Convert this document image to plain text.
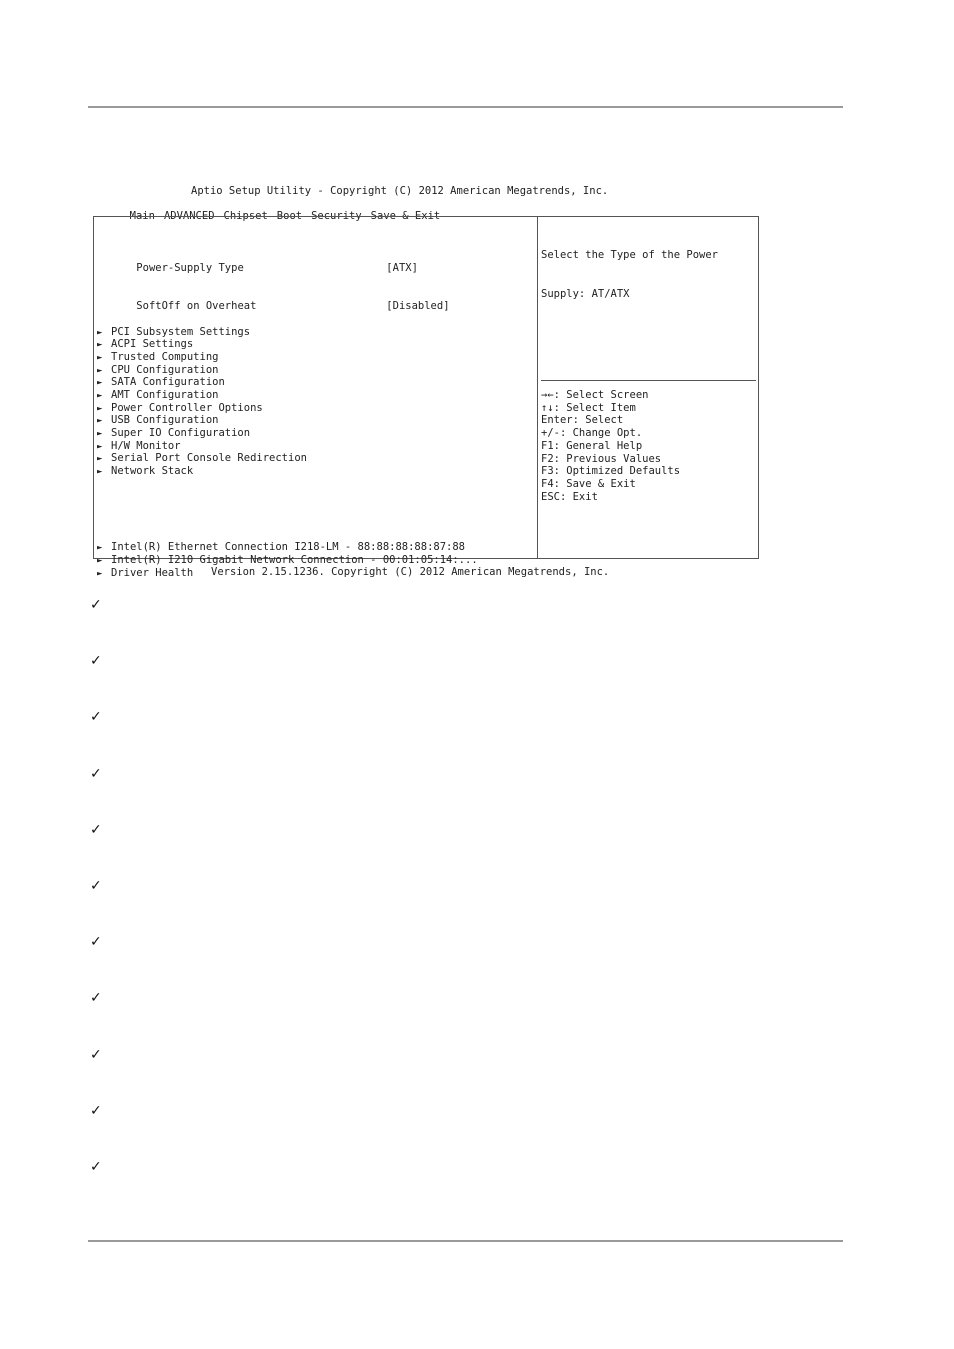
Aptio Setup Utility - Copyright (C) 2012 American Megatrends, Inc.

Main ADVANCED Chipset Boot Security Save & Exit

Power-Supply Type	[ATX]

SoftOff on Overheat	[Disabled]

► PCI Subsystem Settings
► ACPI Settings
► Trusted Computing
► CPU Configuration
► SATA Configuration
► AMT Configuration
► Power Controller Options
► USB Configuration
► Super IO Configuration
► H/W Monitor
► Serial Port Console Redirection
► Network Stack

► Intel(R) Ethernet Connection I218-LM - 88:88:88:88:87:88
► Intel(R) I210 Gigabit Network Connection - 00:01:05:14:...
► Driver Health

Select the Type of the Power

Supply: AT/ATX

→←: Select Screen
↑↓: Select Item
Enter: Select
+/-: Change Opt.
F1: General Help
F2: Previous Values
F3: Optimized Defaults
F4: Save & Exit
ESC: Exit
Version 2.15.1236. Copyright (C) 2012 American Megatrends, Inc.
✓
✓
✓
✓
✓
✓
✓
✓
✓
✓
✓
